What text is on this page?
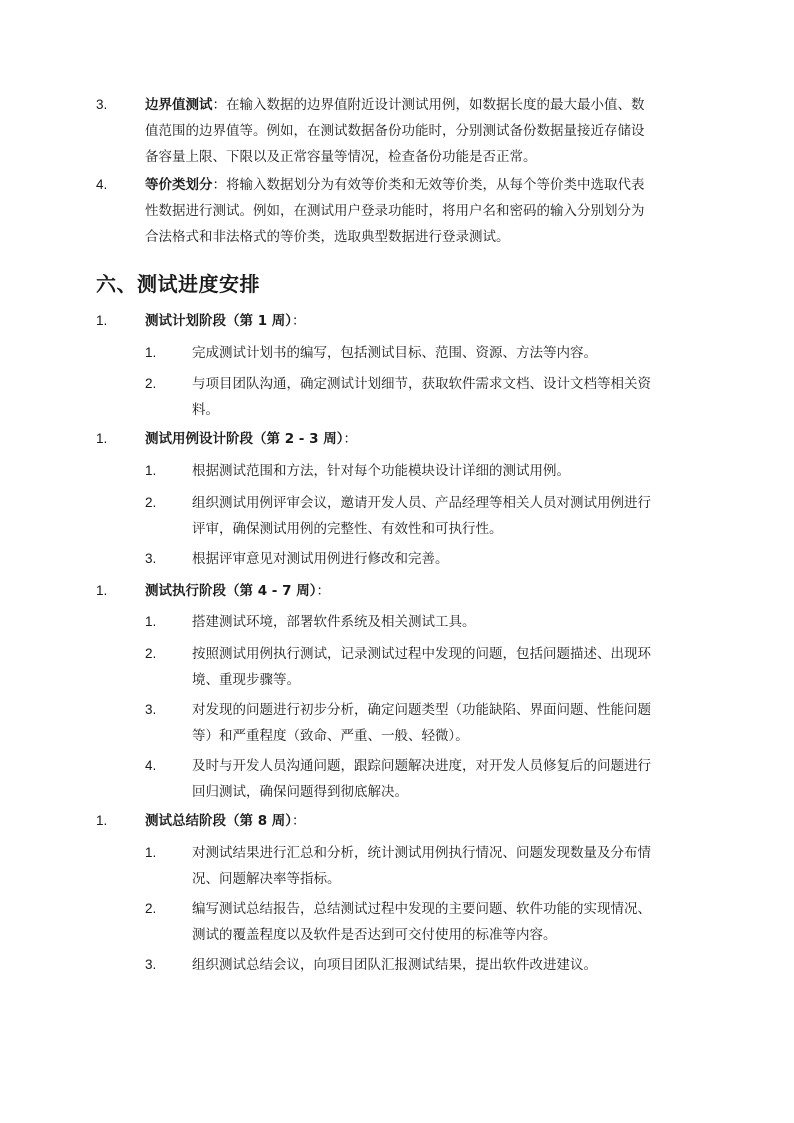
3.	边界值测试：在输入数据的边界值附近设计测试用例，如数据长度的最大最小值、数
值范围的边界值等。例如，在测试数据备份功能时，分别测试备份数据量接近存储设
备容量上限、下限以及正常容量等情况，检查备份功能是否正常。
4.	等价类划分：将输入数据划分为有效等价类和无效等价类，从每个等价类中选取代表
性数据进行测试。例如，在测试用户登录功能时，将用户名和密码的输入分别划分为
合法格式和非法格式的等价类，选取典型数据进行登录测试。
六、测试进度安排
1.	测试计划阶段（第 1 周）：
1.	完成测试计划书的编写，包括测试目标、范围、资源、方法等内容。
2.	与项目团队沟通，确定测试计划细节，获取软件需求文档、设计文档等相关资
料。
1.	测试用例设计阶段（第 2 - 3 周）：
1.	根据测试范围和方法，针对每个功能模块设计详细的测试用例。
2.	组织测试用例评审会议，邀请开发人员、产品经理等相关人员对测试用例进行
评审，确保测试用例的完整性、有效性和可执行性。
3.	根据评审意见对测试用例进行修改和完善。
1.	测试执行阶段（第 4 - 7 周）：
1.	搭建测试环境，部署软件系统及相关测试工具。
2.	按照测试用例执行测试，记录测试过程中发现的问题，包括问题描述、出现环
境、重现步骤等。
3.	对发现的问题进行初步分析，确定问题类型（功能缺陷、界面问题、性能问题
等）和严重程度（致命、严重、一般、轻微）。
4.	及时与开发人员沟通问题，跟踪问题解决进度，对开发人员修复后的问题进行
回归测试，确保问题得到彻底解决。
1.	测试总结阶段（第 8 周）：
1.	对测试结果进行汇总和分析，统计测试用例执行情况、问题发现数量及分布情
况、问题解决率等指标。
2.	编写测试总结报告，总结测试过程中发现的主要问题、软件功能的实现情况、
测试的覆盖程度以及软件是否达到可交付使用的标准等内容。
3.	组织测试总结会议，向项目团队汇报测试结果，提出软件改进建议。
